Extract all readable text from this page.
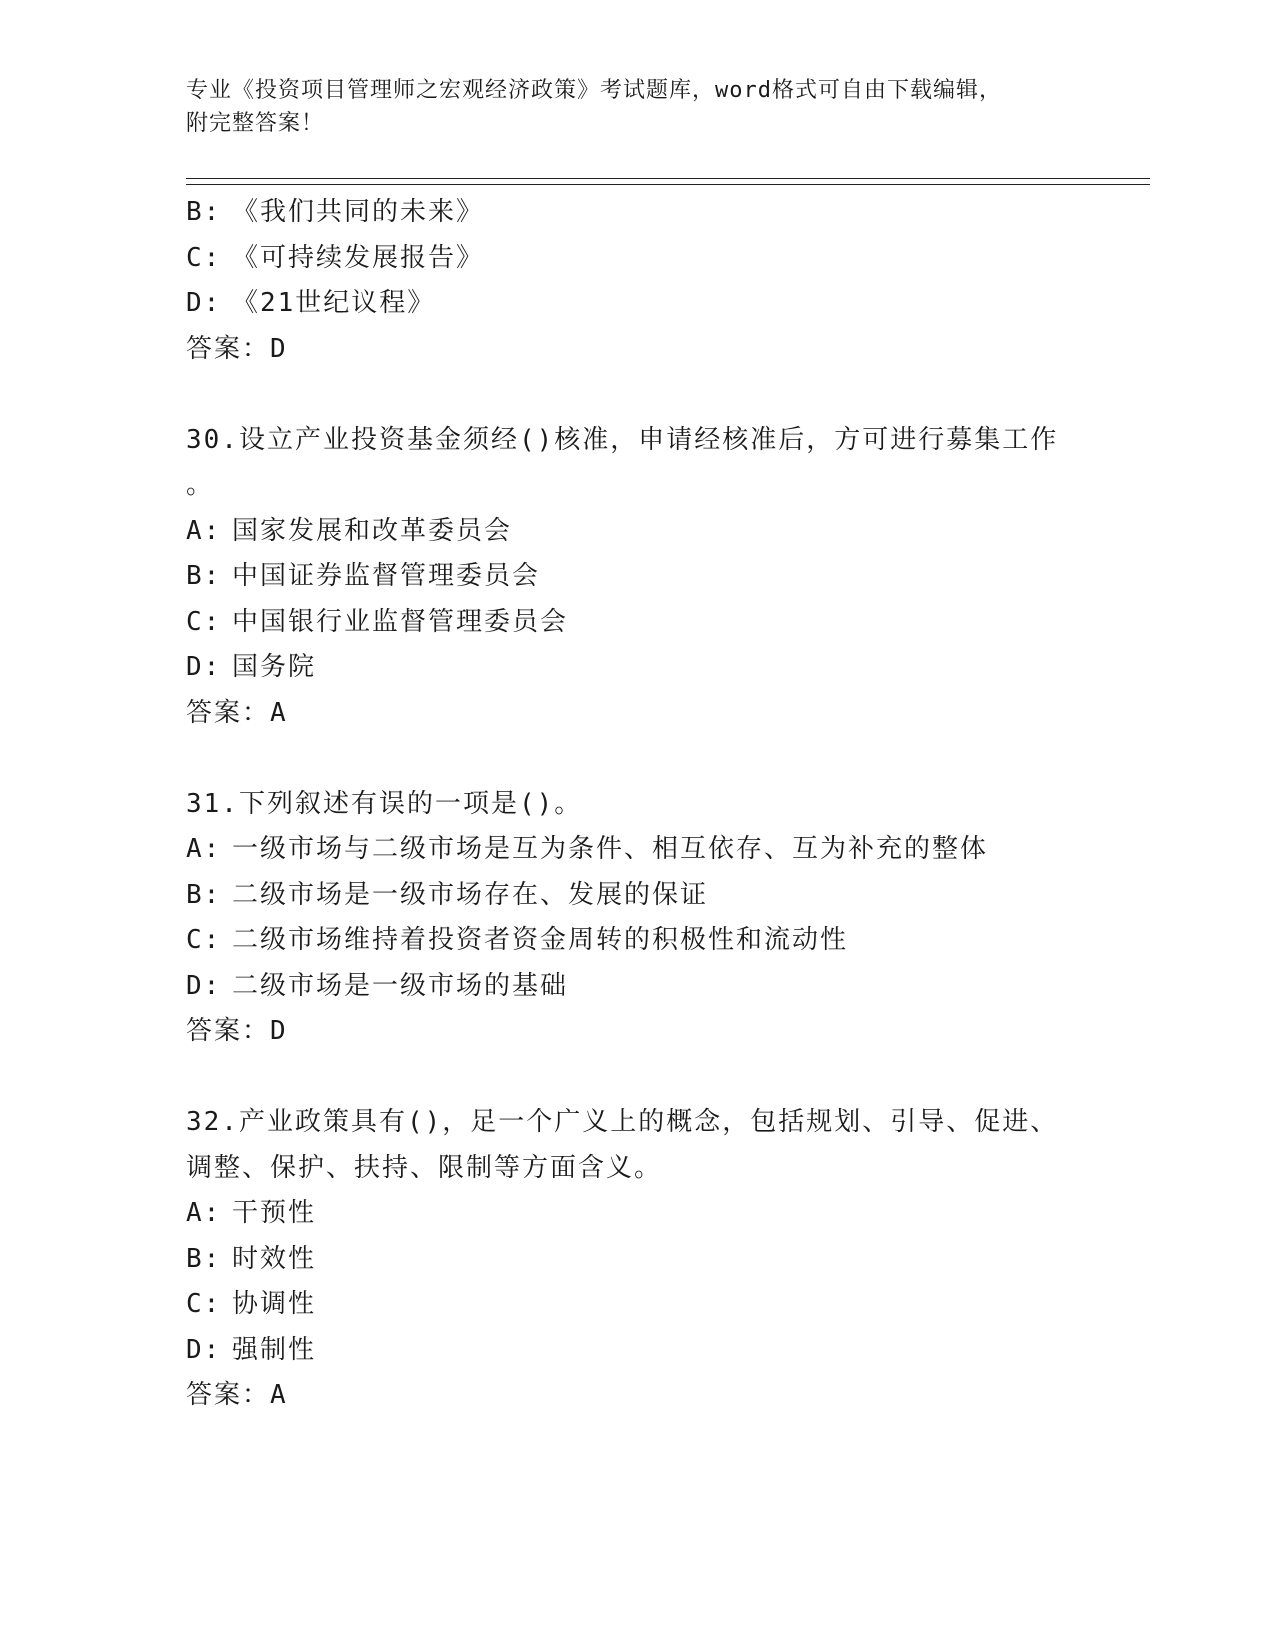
专业《投资项目管理师之宏观经济政策》考试题库，word格式可自由下载编辑，
附完整答案！
B: 《我们共同的未来》
C: 《可持续发展报告》
D: 《21世纪议程》
答案：D
30.设立产业投资基金须经()核准，申请经核准后，方可进行募集工作
。
A: 国家发展和改革委员会
B: 中国证券监督管理委员会
C: 中国银行业监督管理委员会
D: 国务院
答案：A
31.下列叙述有误的一项是()。
A: 一级市场与二级市场是互为条件、相互依存、互为补充的整体
B: 二级市场是一级市场存在、发展的保证
C: 二级市场维持着投资者资金周转的积极性和流动性
D: 二级市场是一级市场的基础
答案：D
32.产业政策具有()，足一个广义上的概念，包括规划、引导、促进、
调整、保护、扶持、限制等方面含义。
A: 干预性
B: 时效性
C: 协调性
D: 强制性
答案：A
